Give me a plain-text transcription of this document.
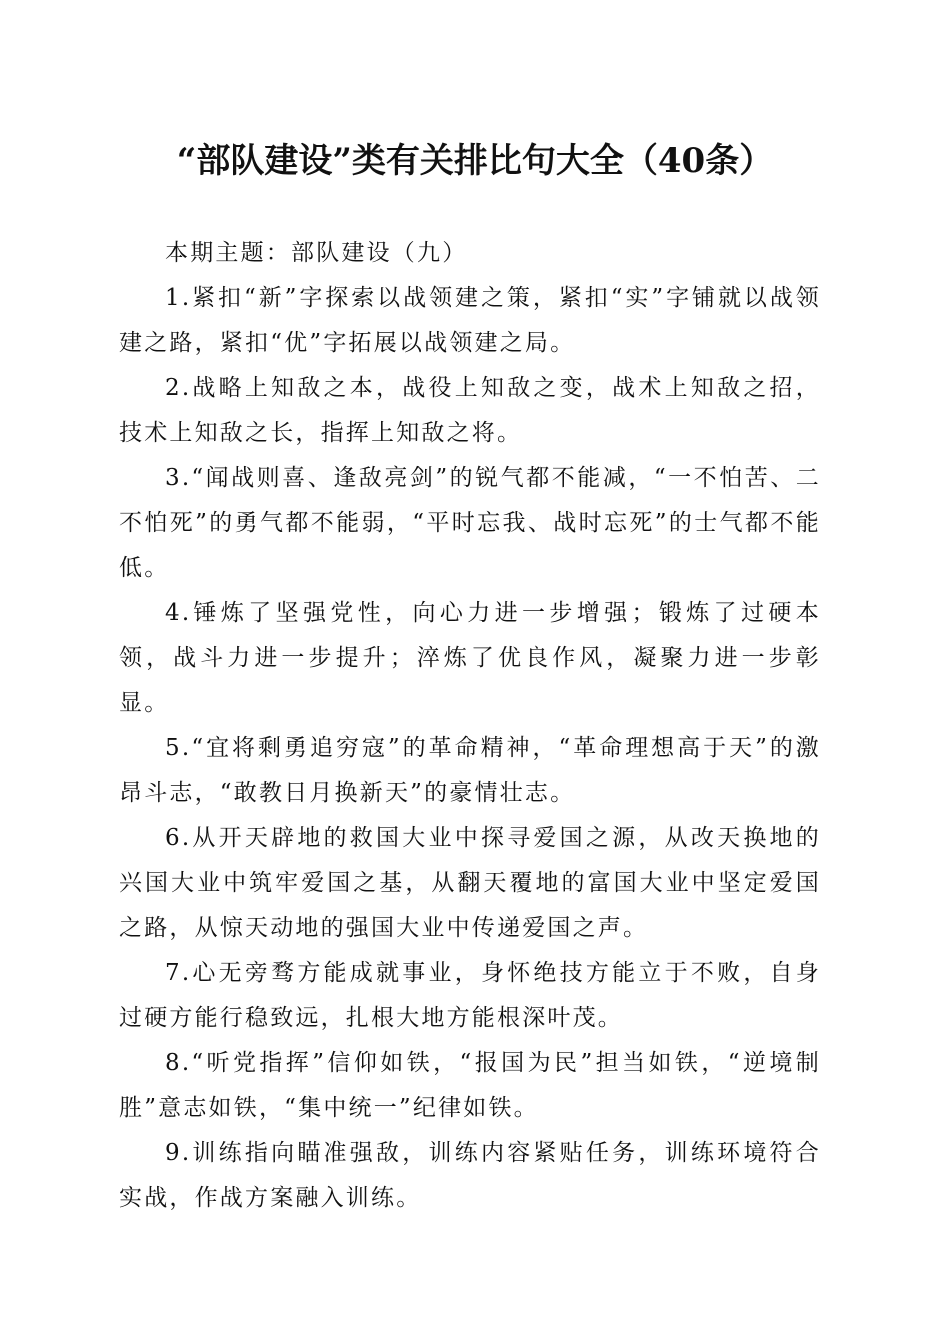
“部队建设”类有关排比句大全（40条）

本期主题：部队建设（九）

1.紧扣“新”字探索以战领建之策，紧扣“实”字铺就以战领建之路，紧扣“优”字拓展以战领建之局。

2.战略上知敌之本，战役上知敌之变，战术上知敌之招，技术上知敌之长，指挥上知敌之将。

3.“闻战则喜、逢敌亮剑”的锐气都不能减，“一不怕苦、二不怕死”的勇气都不能弱，“平时忘我、战时忘死”的士气都不能低。

4.锤炼了坚强党性，向心力进一步增强；锻炼了过硬本领，战斗力进一步提升；淬炼了优良作风，凝聚力进一步彰显。

5.“宜将剩勇追穷寇”的革命精神，“革命理想高于天”的激昂斗志，“敢教日月换新天”的豪情壮志。

6.从开天辟地的救国大业中探寻爱国之源，从改天换地的兴国大业中筑牢爱国之基，从翻天覆地的富国大业中坚定爱国之路，从惊天动地的强国大业中传递爱国之声。

7.心无旁骛方能成就事业，身怀绝技方能立于不败，自身过硬方能行稳致远，扎根大地方能根深叶茂。

8.“听党指挥”信仰如铁，“报国为民”担当如铁，“逆境制胜”意志如铁，“集中统一”纪律如铁。

9.训练指向瞄准强敌，训练内容紧贴任务，训练环境符合实战，作战方案融入训练。
